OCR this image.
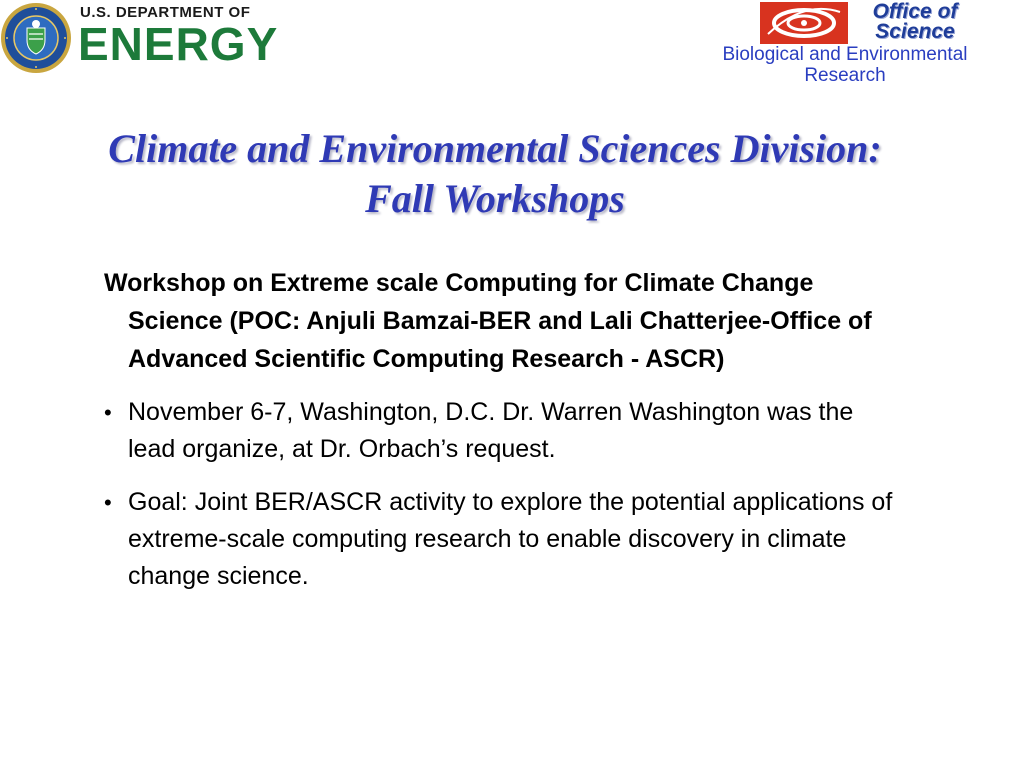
U.S. DEPARTMENT OF
ENERGY
Office of Science
Biological and Environmental Research
Climate and Environmental Sciences Division: Fall Workshops

Workshop on Extreme scale Computing for Climate Change Science (POC: Anjuli Bamzai-BER and Lali Chatterjee-Office of Advanced Scientific Computing Research - ASCR)

• November 6-7, Washington, D.C. Dr. Warren Washington was the lead organize, at Dr. Orbach’s request.
• Goal: Joint BER/ASCR activity to explore the potential applications of extreme-scale computing research to enable discovery in climate change science.
